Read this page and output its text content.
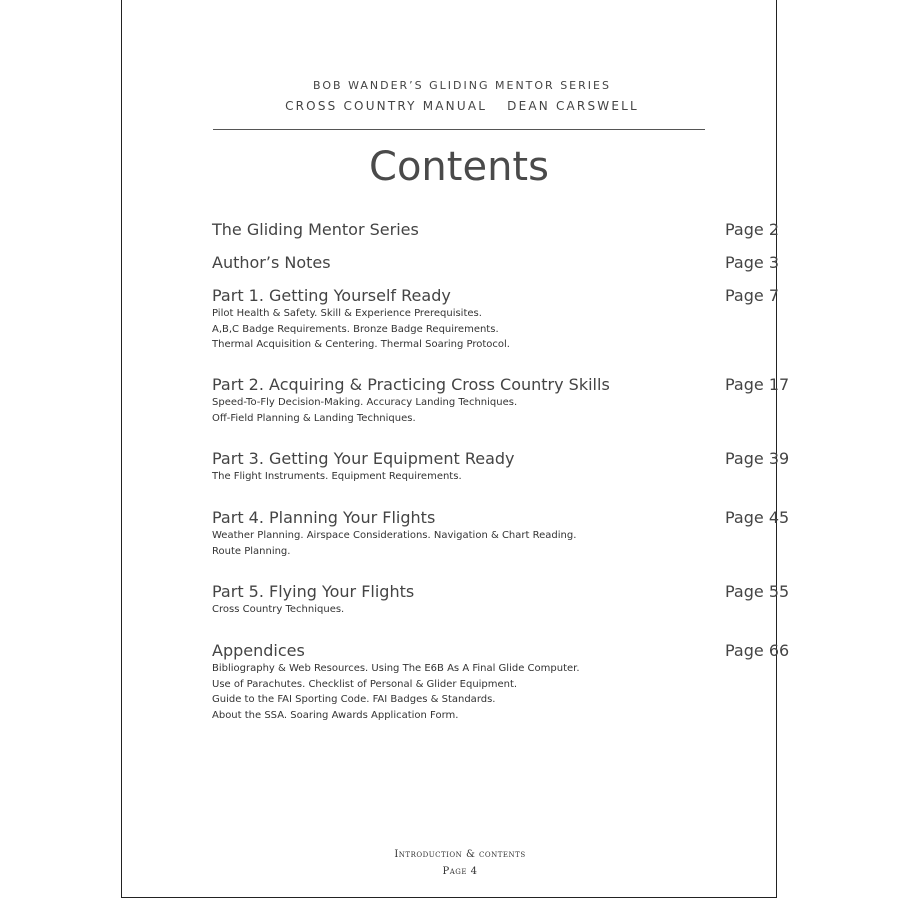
BOB WANDER’S GLIDING MENTOR SERIES
CROSS COUNTRY MANUAL DEAN CARSWELL
Contents
The Gliding Mentor Series	Page 2
Author’s Notes	Page 3
Part 1. Getting Yourself Ready	Page 7
Pilot Health & Safety. Skill & Experience Prerequisites.
A,B,C Badge Requirements. Bronze Badge Requirements.
Thermal Acquisition & Centering. Thermal Soaring Protocol.
Part 2. Acquiring & Practicing Cross Country Skills	Page 17
Speed-To-Fly Decision-Making. Accuracy Landing Techniques.
Off-Field Planning & Landing Techniques.
Part 3. Getting Your Equipment Ready	Page 39
The Flight Instruments. Equipment Requirements.
Part 4. Planning Your Flights	Page 45
Weather Planning. Airspace Considerations. Navigation & Chart Reading.
Route Planning.
Part 5. Flying Your Flights	Page 55
Cross Country Techniques.
Appendices	Page 66
Bibliography & Web Resources. Using The E6B As A Final Glide Computer.
Use of Parachutes. Checklist of Personal & Glider Equipment.
Guide to the FAI Sporting Code. FAI Badges & Standards.
About the SSA. Soaring Awards Application Form.
Introduction & contents
Page 4
